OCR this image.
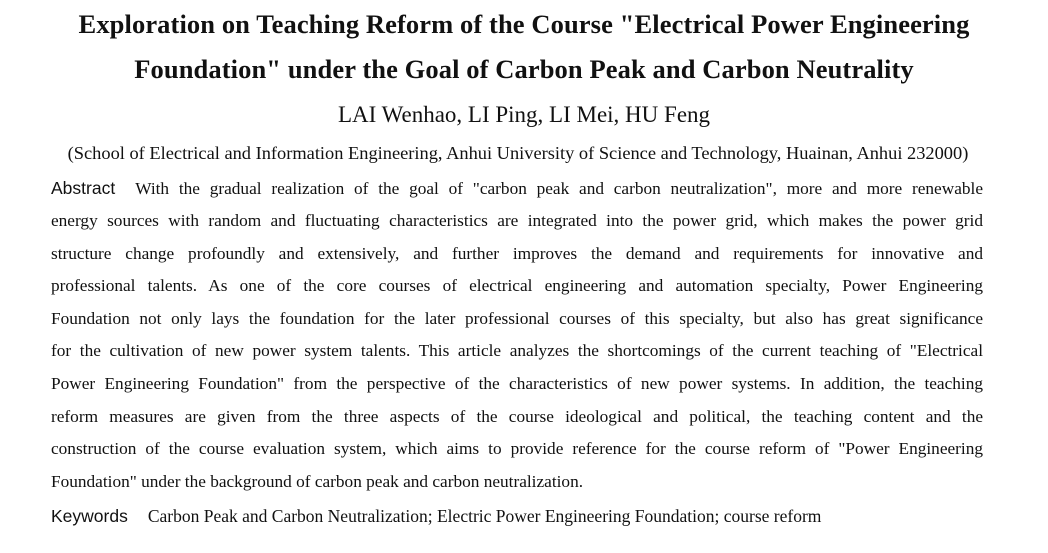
Exploration on Teaching Reform of the Course "Electrical Power Engineering
Foundation" under the Goal of Carbon Peak and Carbon Neutrality
LAI Wenhao, LI Ping, LI Mei, HU Feng
(School of Electrical and Information Engineering, Anhui University of Science and Technology, Huainan, Anhui 232000)
Abstract With the gradual realization of the goal of "carbon peak and carbon neutralization", more and more renewable
energy sources with random and fluctuating characteristics are integrated into the power grid, which makes the power grid
structure change profoundly and extensively, and further improves the demand and requirements for innovative and
professional talents. As one of the core courses of electrical engineering and automation specialty, Power Engineering
Foundation not only lays the foundation for the later professional courses of this specialty, but also has great significance
for the cultivation of new power system talents. This article analyzes the shortcomings of the current teaching of "Electrical
Power Engineering Foundation" from the perspective of the characteristics of new power systems. In addition, the teaching
reform measures are given from the three aspects of the course ideological and political, the teaching content and the
construction of the course evaluation system, which aims to provide reference for the course reform of "Power Engineering
Foundation" under the background of carbon peak and carbon neutralization.
Keywords Carbon Peak and Carbon Neutralization; Electric Power Engineering Foundation; course reform
